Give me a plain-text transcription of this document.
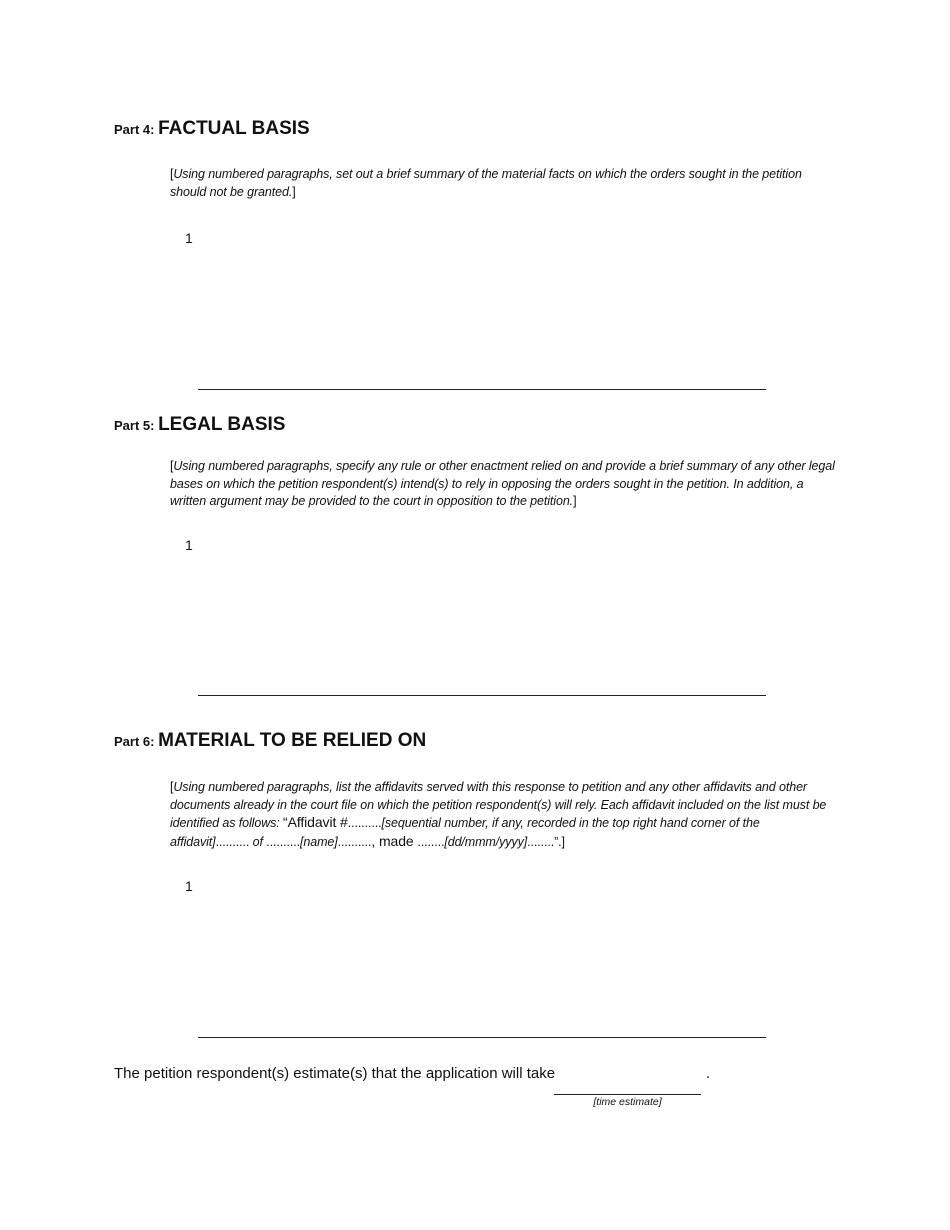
Part 4: FACTUAL BASIS
[Using numbered paragraphs, set out a brief summary of the material facts on which the orders sought in the petition should not be granted.]
1
Part 5: LEGAL BASIS
[Using numbered paragraphs, specify any rule or other enactment relied on and provide a brief summary of any other legal bases on which the petition respondent(s) intend(s) to rely in opposing the orders sought in the petition. In addition, a written argument may be provided to the court in opposition to the petition.]
1
Part 6: MATERIAL TO BE RELIED ON
[Using numbered paragraphs, list the affidavits served with this response to petition and any other affidavits and other documents already in the court file on which the petition respondent(s) will rely. Each affidavit included on the list must be identified as follows: “Affidavit #..........[sequential number, if any, recorded in the top right hand corner of the affidavit].......... of ..........[name].........., made ........[dd/mmm/yyyy]........”.]
1
The petition respondent(s) estimate(s) that the application will take	.
[time estimate]
